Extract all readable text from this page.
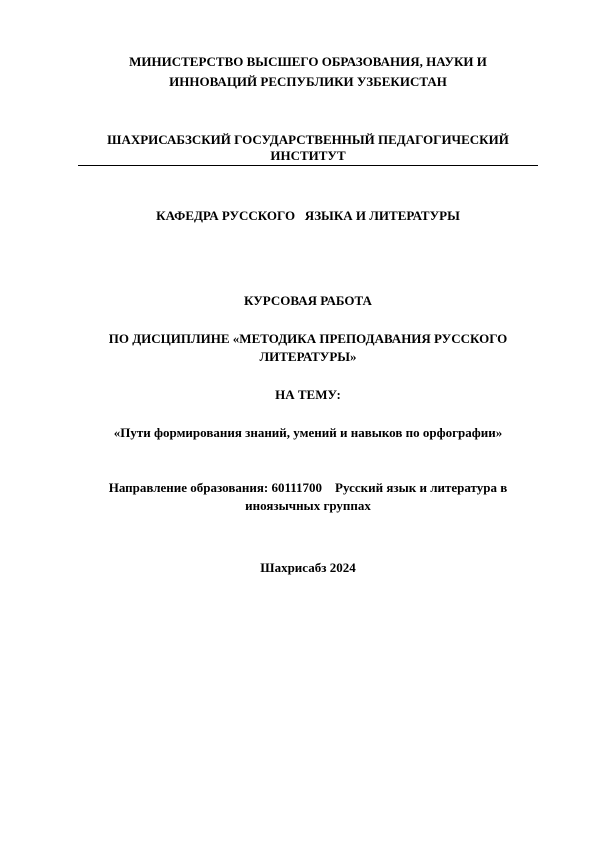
МИНИСТЕРСТВО ВЫСШЕГО ОБРАЗОВАНИЯ, НАУКИ И
ИННОВАЦИЙ РЕСПУБЛИКИ УЗБЕКИСТАН
ШАХРИСАБЗСКИЙ ГОСУДАРСТВЕННЫЙ ПЕДАГОГИЧЕСКИЙ
ИНСТИТУТ
КАФЕДРА РУССКОГО   ЯЗЫКА И ЛИТЕРАТУРЫ
КУРСОВАЯ РАБОТА
ПО ДИСЦИПЛИНЕ «МЕТОДИКА ПРЕПОДАВАНИЯ РУССКОГО
ЛИТЕРАТУРЫ»
НА ТЕМУ:
«Пути формирования знаний, умений и навыков по орфографии»
Направление образования: 60111700    Русский язык и литература в
иноязычных группах
Шахрисабз 2024
